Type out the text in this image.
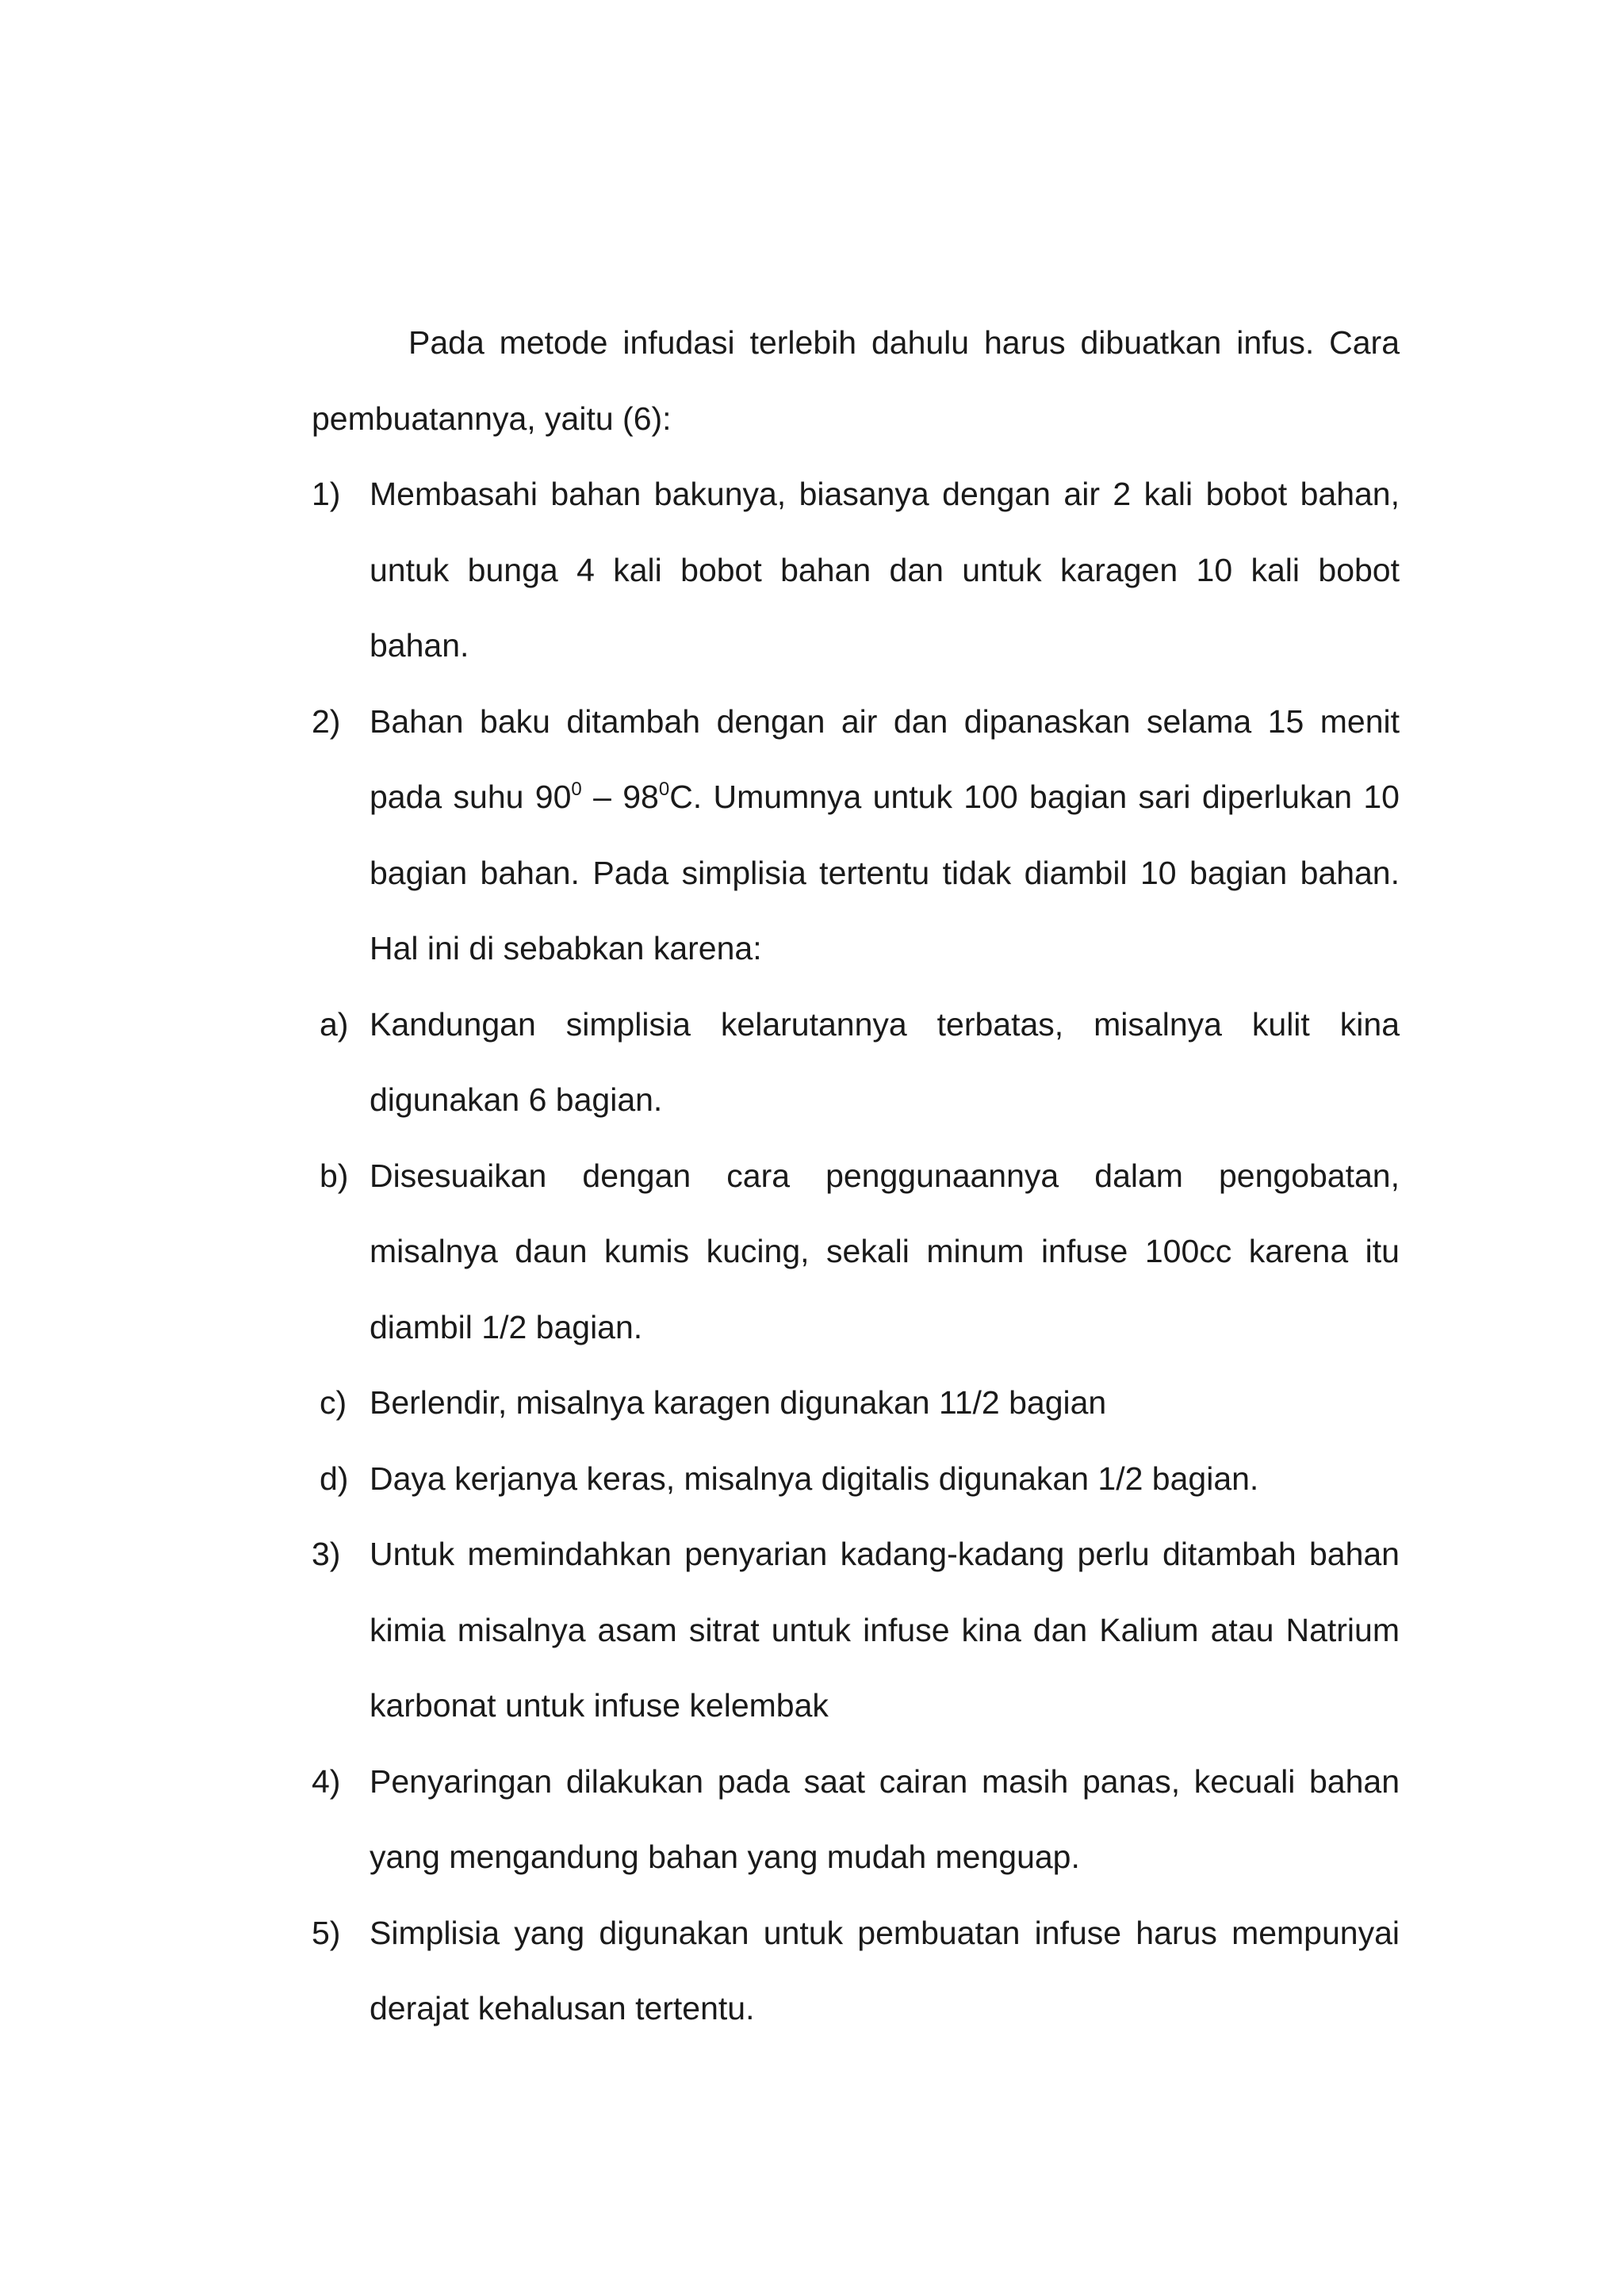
Pada metode infudasi terlebih dahulu harus dibuatkan infus. Cara pembuatannya, yaitu (6):

1) Membasahi bahan bakunya, biasanya dengan air 2 kali bobot bahan, untuk bunga 4 kali bobot bahan dan untuk karagen 10 kali bobot bahan.
2) Bahan baku ditambah dengan air dan dipanaskan selama 15 menit pada suhu $90^0 - 98^0C$. Umumnya untuk 100 bagian sari diperlukan 10 bagian bahan. Pada simplisia tertentu tidak diambil 10 bagian bahan. Hal ini di sebabkan karena:
a) Kandungan simplisia kelarutannya terbatas, misalnya kulit kina digunakan 6 bagian.
b) Disesuaikan dengan cara penggunaannya dalam pengobatan, misalnya daun kumis kucing, sekali minum infuse 100cc karena itu diambil 1/2 bagian.
c) Berlendir, misalnya karagen digunakan 11/2 bagian
d) Daya kerjanya keras, misalnya digitalis digunakan 1/2 bagian.
3) Untuk memindahkan penyarian kadang-kadang perlu ditambah bahan kimia misalnya asam sitrat untuk infuse kina dan Kalium atau Natrium karbonat untuk infuse kelembak
4) Penyaringan dilakukan pada saat cairan masih panas, kecuali bahan yang mengandung bahan yang mudah menguap.
5) Simplisia yang digunakan untuk pembuatan infuse harus mempunyai derajat kehalusan tertentu.
